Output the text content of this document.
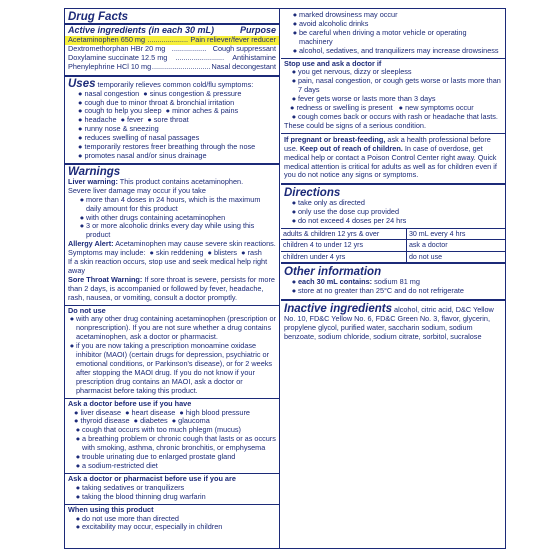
Drug Facts
Active ingredients (in each 30 mL)	Purpose
Acetaminophen 650 mg .................... Pain reliever/fever reducer
Dextromethorphan HBr 20 mg ................. Cough suppressant
Doxylamine succinate 12.5 mg ........................ Antihistamine
Phenylephrine HCl 10 mg ............................. Nasal decongestant

Uses temporarily relieves common cold/flu symptoms:

● nasal congestion ● sinus congestion & pressure

● cough due to minor throat & bronchial irritation

● cough to help you sleep ● minor aches & pains

● headache ● fever ● sore throat

● runny nose & sneezing

● reduces swelling of nasal passages

● temporarily restores freer breathing through the nose

● promotes nasal and/or sinus drainage

Warnings

Liver warning: This product contains acetaminophen.

Severe liver damage may occur if you take

● more than 4 doses in 24 hours, which is the maximum daily amount for this product
● with other drugs containing acetaminophen
● 3 or more alcoholic drinks every day while using this product

Allergy Alert: Acetaminophen may cause severe skin reactions.

Symptoms may include: ● skin reddening ● blisters ● rash

If a skin reaction occurs, stop use and seek medical help right away

Sore Throat Warning: If sore throat is severe, persists for more than 2 days, is accompanied or followed by fever, headache, rash, nausea, or vomiting, consult a doctor promptly.

Do not use

● with any other drug containing acetaminophen (prescription or nonprescription). If you are not sure whether a drug contains acetaminophen, ask a doctor or pharmacist.
● if you are now taking a prescription monoamine oxidase inhibitor (MAOI) (certain drugs for depression, psychiatric or emotional conditions, or Parkinson's disease), or for 2 weeks after stopping the MAOI drug. If you do not know if your prescription drug contains an MAOI, ask a doctor or pharmacist before taking this product.

Ask a doctor before use if you have

● liver disease ● heart disease ● high blood pressure

● thyroid disease ● diabetes ● glaucoma

● cough that occurs with too much phlegm (mucus)
● a breathing problem or chronic cough that lasts or as occurs with smoking, asthma, chronic bronchitis, or emphysema
● trouble urinating due to enlarged prostate gland
● a sodium-restricted diet

Ask a doctor or pharmacist before use if you are

● taking sedatives or tranquilizers
● taking the blood thinning drug warfarin

When using this product

● do not use more than directed
● excitability may occur, especially in children
● marked drowsiness may occur
● avoid alcoholic drinks
● be careful when driving a motor vehicle or operating machinery
● alcohol, sedatives, and tranquilizers may increase drowsiness

Stop use and ask a doctor if

● you get nervous, dizzy or sleepless
● pain, nasal congestion, or cough gets worse or lasts more than 7 days
● fever gets worse or lasts more than 3 days

● redness or swelling is present ● new symptoms occur

● cough comes back or occurs with rash or headache that lasts.

These could be signs of a serious condition.

If pregnant or breast-feeding, ask a health professional before use. Keep out of reach of children. In case of overdose, get medical help or contact a Poison Control Center right away. Quick medical attention is critical for adults as well as for children even if you do not notice any signs or symptoms.

Directions
● take only as directed
● only use the dose cup provided
● do not exceed 4 doses per 24 hrs
adults & children 12 yrs & over	30 mL every 4 hrs
children 4 to under 12 yrs	ask a doctor
children under 4 yrs	do not use
Other information
● each 30 mL contains: sodium 81 mg
● store at no greater than 25°C and do not refrigerate

Inactive ingredients alcohol, citric acid, D&C Yellow No. 10, FD&C Yellow No. 6, FD&C Green No. 3, flavor, glycerin, propylene glycol, purified water, saccharin sodium, sodium benzoate, sodium chloride, sodium citrate, sorbitol, sucralose
